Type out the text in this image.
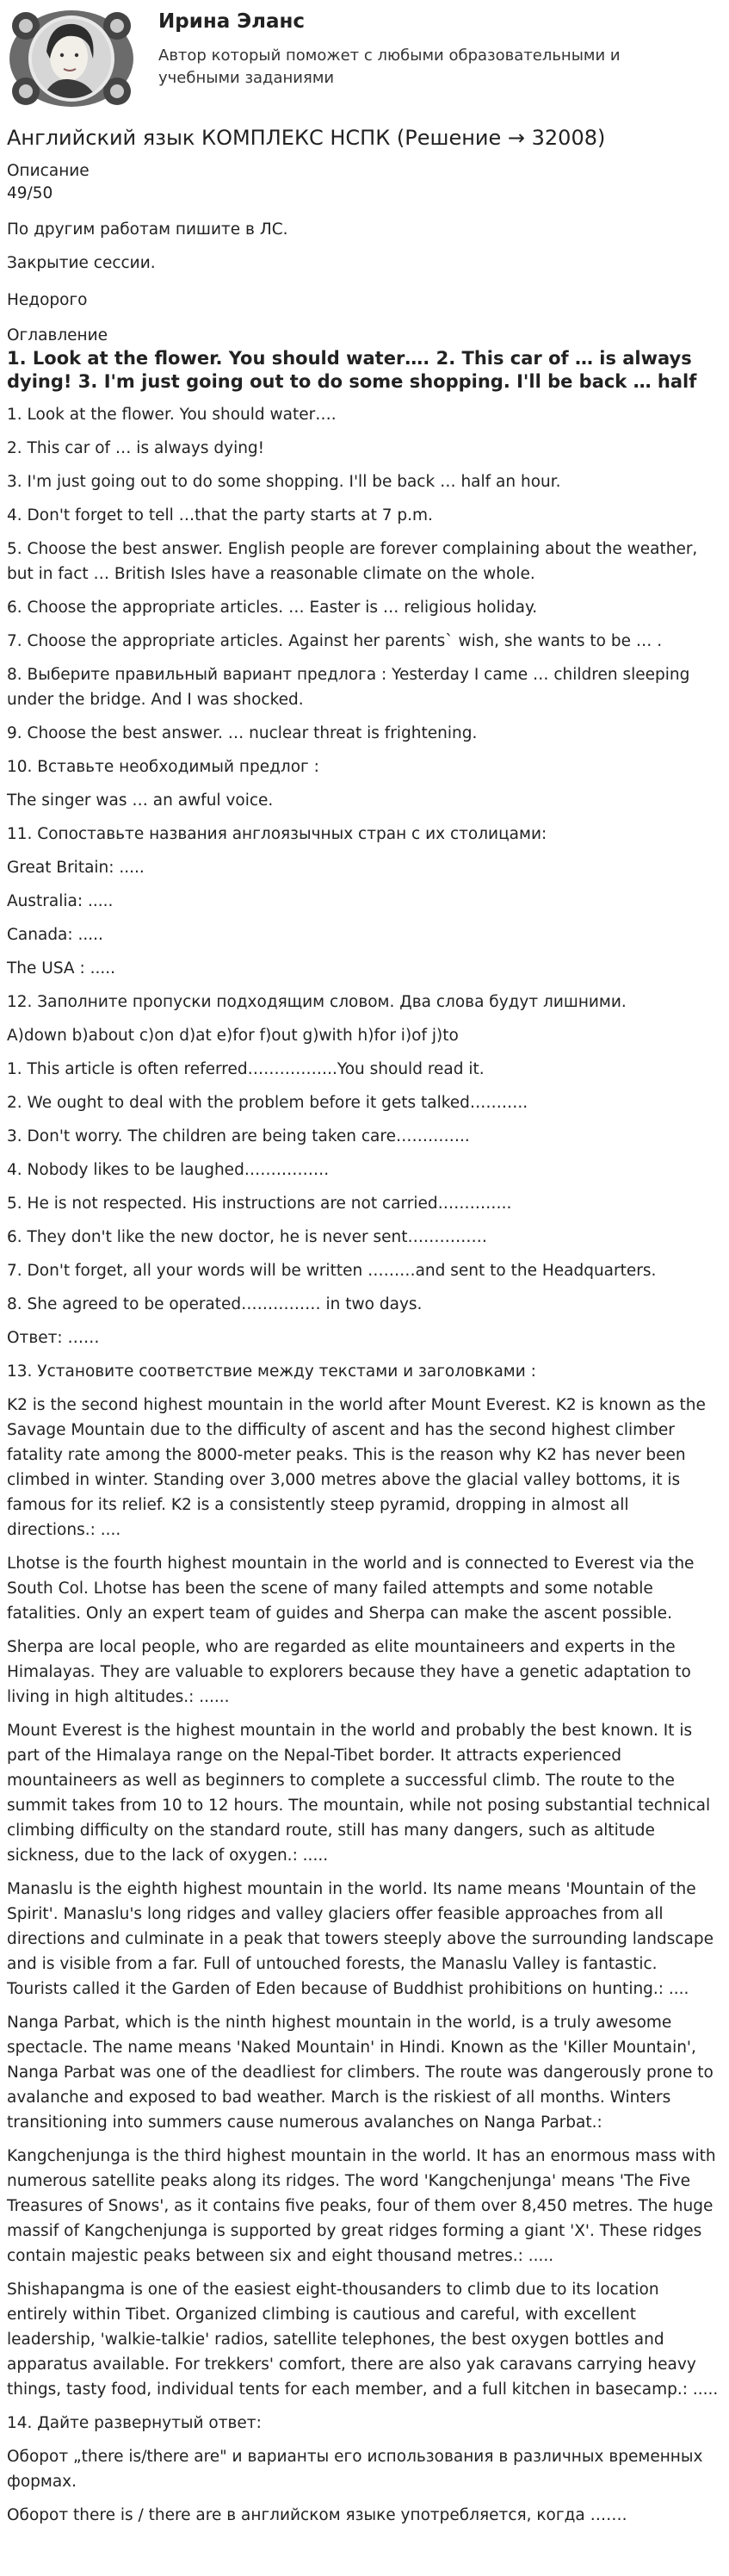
Ирина Эланс
Автор который поможет с любыми образовательными и учебными заданиями
Английский язык КОМПЛЕКС НСПК (Решение → 32008)
Описание
49/50

По другим работам пишите в ЛС.

Закрытие сессии.

Недорого

Оглавление
1. Look at the flower. You should water…. 2. This car of … is always dying! 3. I'm just going out to do some shopping. I'll be back … half

1. Look at the flower. You should water….

2. This car of … is always dying!

3. I'm just going out to do some shopping. I'll be back … half an hour.

4. Don't forget to tell …that the party starts at 7 p.m.

5. Choose the best answer. English people are forever complaining about the weather, but in fact … British Isles have a reasonable climate on the whole.

6. Choose the appropriate articles. … Easter is … religious holiday.

7. Choose the appropriate articles. Against her parents` wish, she wants to be … .

8. Выберите правильный вариант предлога : Yesterday I came … children sleeping under the bridge. And I was shocked.

9. Choose the best answer. … nuclear threat is frightening.

10. Вставьте необходимый предлог :

The singer was … an awful voice.

11. Сопоставьте названия англоязычных стран с их столицами:

Great Britain: .....

Australia: .....

Canada: .....

The USA : .....

12. Заполните пропуски подходящим словом. Два слова будут лишними.

A)down b)about c)on d)at e)for f)out g)with h)for i)of j)to

1. This article is often referred……………..You should read it.

2. We ought to deal with the problem before it gets talked………..

3. Don't worry. The children are being taken care…………..

4. Nobody likes to be laughed…………….

5. He is not respected. His instructions are not carried…………..

6. They don't like the new doctor, he is never sent……………

7. Don't forget, all your words will be written ………and sent to the Headquarters.

8. She agreed to be operated…………… in two days.

Ответ: ……

13. Установите соответствие между текстами и заголовками :

K2 is the second highest mountain in the world after Mount Everest. K2 is known as the Savage Mountain due to the difficulty of ascent and has the second highest climber fatality rate among the 8000-meter peaks. This is the reason why K2 has never been climbed in winter. Standing over 3,000 metres above the glacial valley bottoms, it is famous for its relief. K2 is a consistently steep pyramid, dropping in almost all directions.: ....

Lhotse is the fourth highest mountain in the world and is connected to Everest via the South Col. Lhotse has been the scene of many failed attempts and some notable fatalities. Only an expert team of guides and Sherpa can make the ascent possible.

Sherpa are local people, who are regarded as elite mountaineers and experts in the Himalayas. They are valuable to explorers because they have a genetic adaptation to living in high altitudes.: ......

Mount Everest is the highest mountain in the world and probably the best known. It is part of the Himalaya range on the Nepal-Tibet border. It attracts experienced mountaineers as well as beginners to complete a successful climb. The route to the summit takes from 10 to 12 hours. The mountain, while not posing substantial technical climbing difficulty on the standard route, still has many dangers, such as altitude sickness, due to the lack of oxygen.: .....

Manaslu is the eighth highest mountain in the world. Its name means 'Mountain of the Spirit'. Manaslu's long ridges and valley glaciers offer feasible approaches from all directions and culminate in a peak that towers steeply above the surrounding landscape and is visible from a far. Full of untouched forests, the Manaslu Valley is fantastic. Tourists called it the Garden of Eden because of Buddhist prohibitions on hunting.: ....

Nanga Parbat, which is the ninth highest mountain in the world, is a truly awesome spectacle. The name means 'Naked Mountain' in Hindi. Known as the 'Killer Mountain', Nanga Parbat was one of the deadliest for climbers. The route was dangerously prone to avalanche and exposed to bad weather. March is the riskiest of all months. Winters transitioning into summers cause numerous avalanches on Nanga Parbat.:

Kangchenjunga is the third highest mountain in the world. It has an enormous mass with numerous satellite peaks along its ridges. The word 'Kangchenjunga' means 'The Five Treasures of Snows', as it contains five peaks, four of them over 8,450 metres. The huge massif of Kangchenjunga is supported by great ridges forming a giant 'X'. These ridges contain majestic peaks between six and eight thousand metres.: .....

Shishapangma is one of the easiest eight-thousanders to climb due to its location entirely within Tibet. Organized climbing is cautious and careful, with excellent leadership, 'walkie-talkie' radios, satellite telephones, the best oxygen bottles and apparatus available. For trekkers' comfort, there are also yak caravans carrying heavy things, tasty food, individual tents for each member, and a full kitchen in basecamp.: .....

14. Дайте развернутый ответ:

Оборот „there is/there are" и варианты его использования в различных временных формах.

Оборот there is / there are в английском языке употребляется, когда …….
